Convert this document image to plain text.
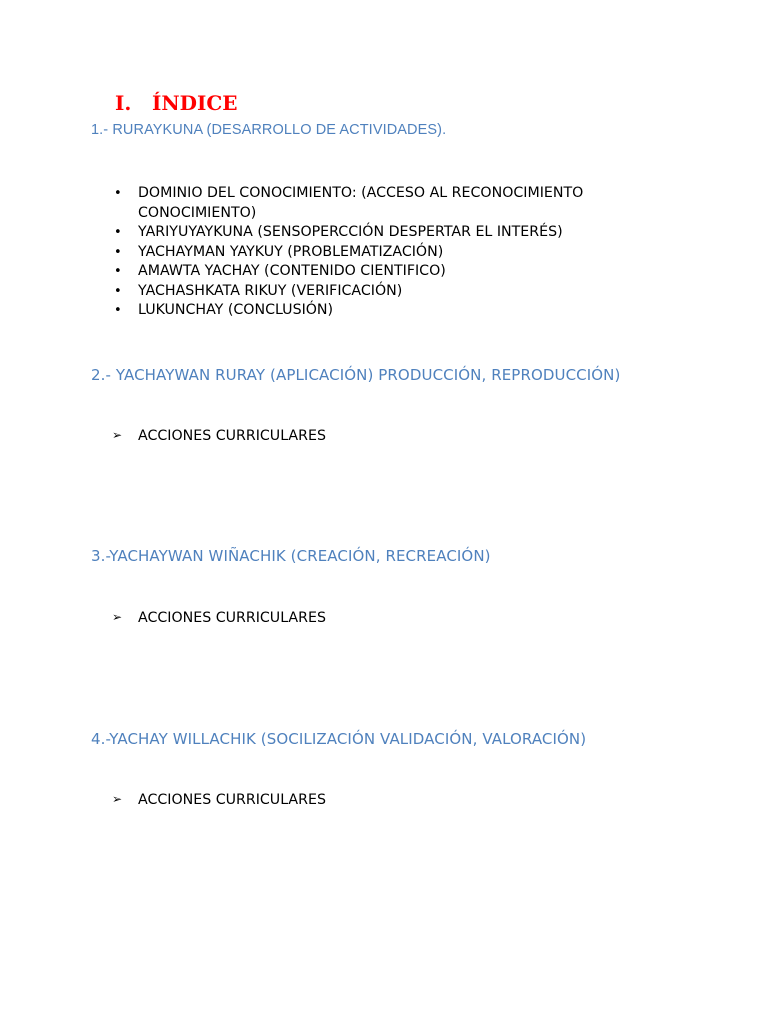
I. ÍNDICE
1.- RURAYKUNA (DESARROLLO DE ACTIVIDADES).
• DOMINIO DEL CONOCIMIENTO: (ACCESO AL RECONOCIMIENTO CONOCIMIENTO)
• YARIYUYAYKUNA (SENSOPERCCIÓN DESPERTAR EL INTERÉS)
• YACHAYMAN YAYKUY (PROBLEMATIZACIÓN)
• AMAWTA YACHAY (CONTENIDO CIENTIFICO)
• YACHASHKATA RIKUY (VERIFICACIÓN)
• LUKUNCHAY (CONCLUSIÓN)
2.- YACHAYWAN RURAY (APLICACIÓN) PRODUCCIÓN, REPRODUCCIÓN)
➢ ACCIONES CURRICULARES
3.-YACHAYWAN WIÑACHIK (CREACIÓN, RECREACIÓN)
➢ ACCIONES CURRICULARES
4.-YACHAY WILLACHIK (SOCILIZACIÓN VALIDACIÓN, VALORACIÓN)
➢ ACCIONES CURRICULARES
